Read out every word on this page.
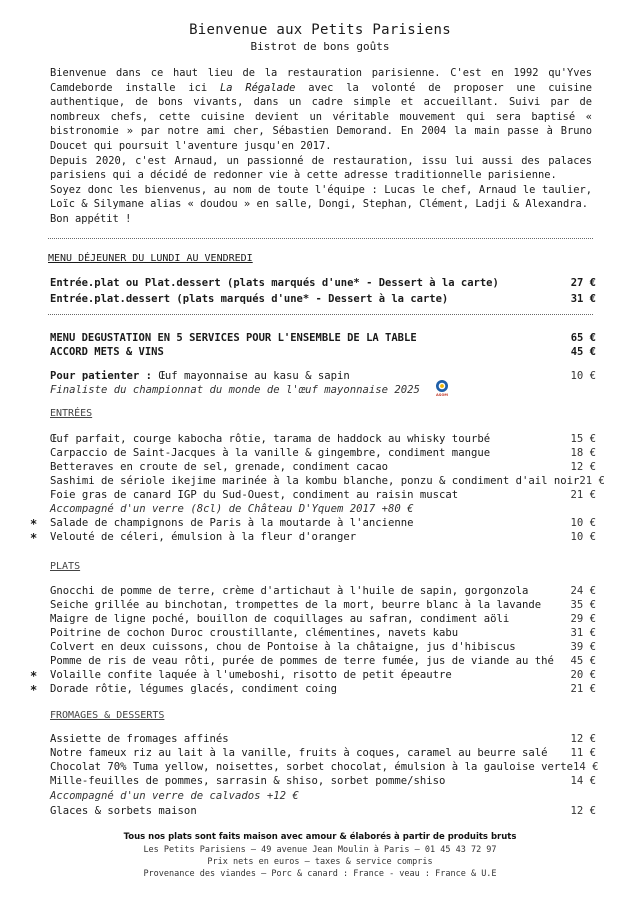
Bienvenue aux Petits Parisiens
Bistrot de bons goûts

Bienvenue dans ce haut lieu de la restauration parisienne. C'est en 1992 qu'Yves Camdeborde installe ici La Régalade avec la volonté de proposer une cuisine authentique, de bons vivants, dans un cadre simple et accueillant. Suivi par de nombreux chefs, cette cuisine devient un véritable mouvement qui sera baptisé « bistronomie » par notre ami cher, Sébastien Demorand. En 2004 la main passe à Bruno Doucet qui poursuit l'aventure jusqu'en 2017.

Depuis 2020, c'est Arnaud, un passionné de restauration, issu lui aussi des palaces parisiens qui a décidé de redonner vie à cette adresse traditionnelle parisienne.

Soyez donc les bienvenus, au nom de toute l'équipe : Lucas le chef, Arnaud le taulier, Loïc & Silymane alias « doudou » en salle, Dongi, Stephan, Clément, Ladji & Alexandra.

Bon appétit !

MENU DÉJEUNER DU LUNDI AU VENDREDI
Entrée.plat ou Plat.dessert (plats marqués d'une* - Dessert à la carte)	27 €
Entrée.plat.dessert (plats marqués d'une* - Dessert à la carte)	31 €
MENU DEGUSTATION EN 5 SERVICES POUR L'ENSEMBLE DE LA TABLE	65 €
ACCORD METS & VINS	45 €
Pour patienter : Œuf mayonnaise au kasu & sapin	10 €
Finaliste du championnat du monde de l'œuf mayonnaise 2025	ASOM
ENTRÉES
Œuf parfait, courge kabocha rôtie, tarama de haddock au whisky tourbé	15 €
Carpaccio de Saint-Jacques à la vanille & gingembre, condiment mangue	18 €
Betteraves en croute de sel, grenade, condiment cacao	12 €
Sashimi de sériole ikejime marinée à la kombu blanche, ponzu & condiment d'ail noir 21 €
Foie gras de canard IGP du Sud-Ouest, condiment au raisin muscat	21 €
Accompagné d'un verre (8cl) de Château D'Yquem 2017 +80 €
* Salade de champignons de Paris à la moutarde à l'ancienne	10 €
* Velouté de céleri, émulsion à la fleur d'oranger	10 €
PLATS
Gnocchi de pomme de terre, crème d'artichaut à l'huile de sapin, gorgonzola	24 €
Seiche grillée au binchotan, trompettes de la mort, beurre blanc à la lavande	35 €
Maigre de ligne poché, bouillon de coquillages au safran, condiment aöli	29 €
Poitrine de cochon Duroc croustillante, clémentines, navets kabu	31 €
Colvert en deux cuissons, chou de Pontoise à la châtaigne, jus d'hibiscus	39 €
Pomme de ris de veau rôti, purée de pommes de terre fumée, jus de viande au thé 45 €
* Volaille confite laquée à l'umeboshi, risotto de petit épeautre	20 €
* Dorade rôtie, légumes glacés, condiment coing	21 €
FROMAGES & DESSERTS
Assiette de fromages affinés	12 €
Notre fameux riz au lait à la vanille, fruits à coques, caramel au beurre salé 11 €
Chocolat 70% Tuma yellow, noisettes, sorbet chocolat, émulsion à la gauloise verte 14 €
Mille-feuilles de pommes, sarrasin & shiso, sorbet pomme/shiso	14 €
Accompagné d'un verre de calvados +12 €
Glaces & sorbets maison	12 €
Tous nos plats sont faits maison avec amour & élaborés à partir de produits bruts
Les Petits Parisiens – 49 avenue Jean Moulin à Paris – 01 45 43 72 97
Prix nets en euros – taxes & service compris
Provenance des viandes – Porc & canard : France - veau : France & U.E
